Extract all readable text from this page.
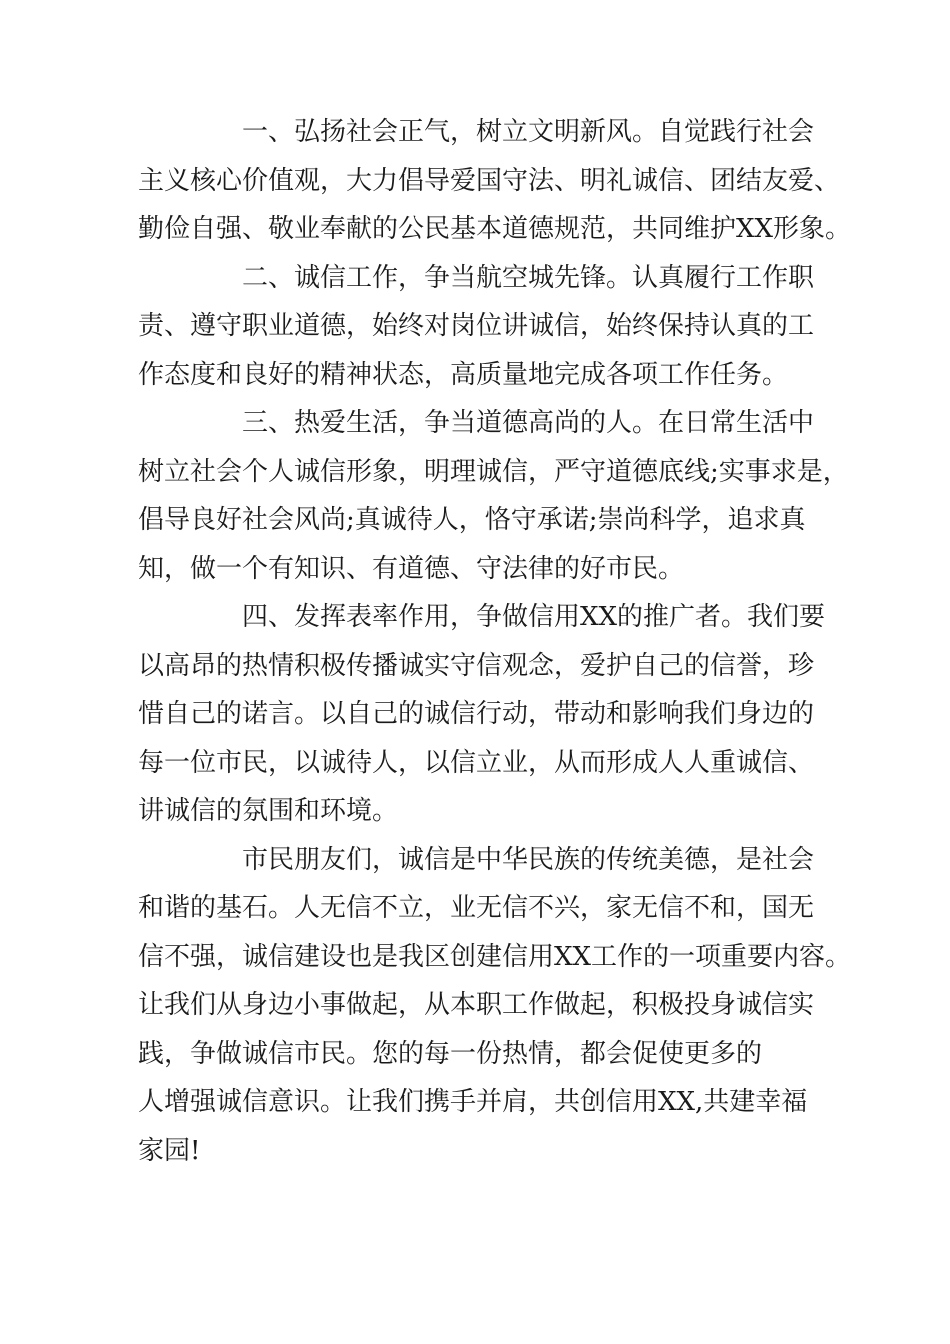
一、弘扬社会正气，树立文明新风。自觉践行社会
主义核心价值观，大力倡导爱国守法、明礼诚信、团结友爱、
勤俭自强、敬业奉献的公民基本道德规范，共同维护XX形象。
二、诚信工作，争当航空城先锋。认真履行工作职
责、遵守职业道德，始终对岗位讲诚信，始终保持认真的工
作态度和良好的精神状态，高质量地完成各项工作任务。
三、热爱生活，争当道德高尚的人。在日常生活中
树立社会个人诚信形象，明理诚信，严守道德底线;实事求是，
倡导良好社会风尚;真诚待人，恪守承诺;崇尚科学，追求真
知，做一个有知识、有道德、守法律的好市民。
四、发挥表率作用，争做信用XX的推广者。我们要
以高昂的热情积极传播诚实守信观念，爱护自己的信誉，珍
惜自己的诺言。以自己的诚信行动，带动和影响我们身边的
每一位市民，以诚待人，以信立业，从而形成人人重诚信、
讲诚信的氛围和环境。
市民朋友们，诚信是中华民族的传统美德，是社会
和谐的基石。人无信不立，业无信不兴，家无信不和，国无
信不强，诚信建设也是我区创建信用XX工作的一项重要内容。
让我们从身边小事做起，从本职工作做起，积极投身诚信实
践，争做诚信市民。您的每一份热情，都会促使更多的
人增强诚信意识。让我们携手并肩，共创信用XX,共建幸福
家园!
